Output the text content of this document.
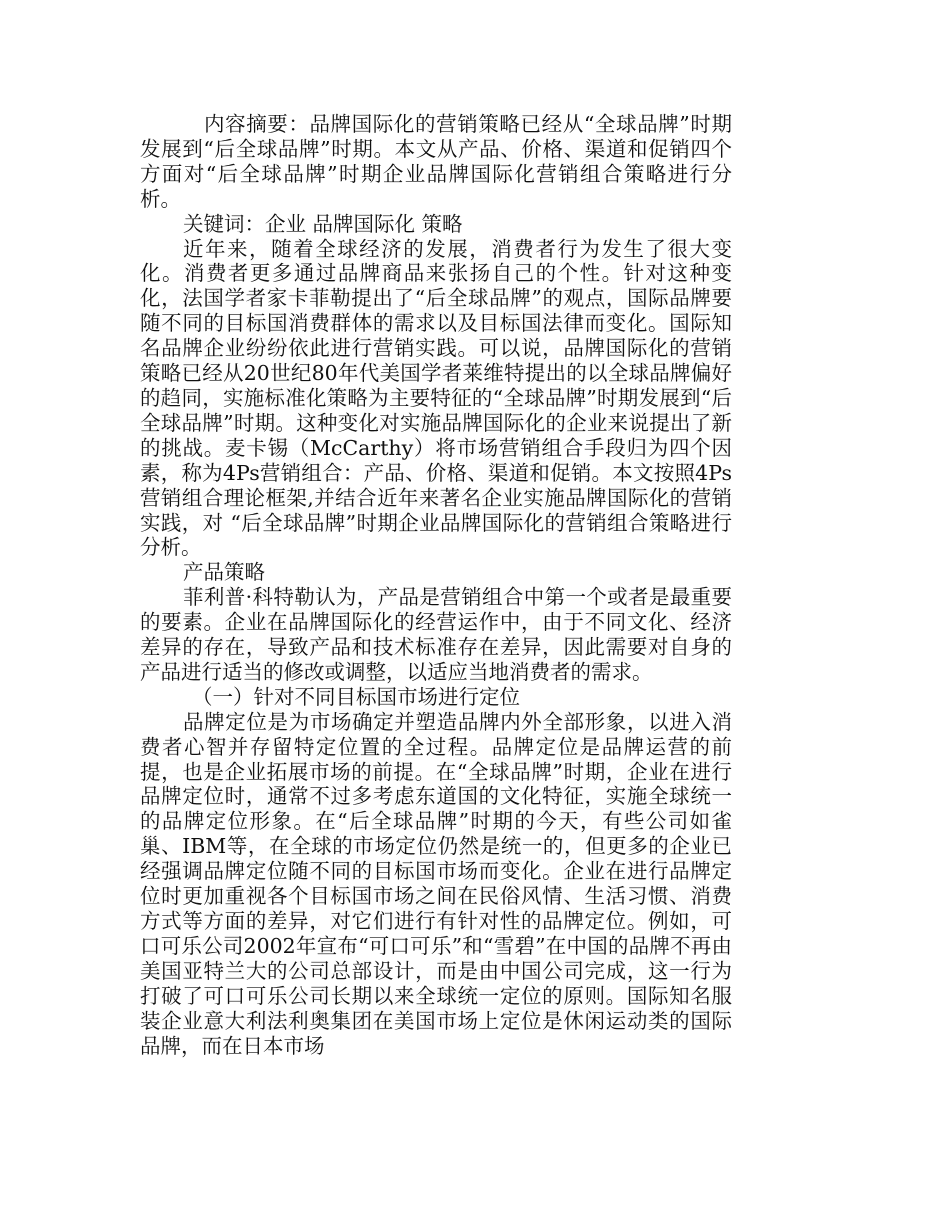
内容摘要：品牌国际化的营销策略已经从“全球品牌”时期发展到“后全球品牌”时期。本文从产品、价格、渠道和促销四个方面对“后全球品牌”时期企业品牌国际化营销组合策略进行分析。

关键词：企业 品牌国际化 策略

近年来，随着全球经济的发展，消费者行为发生了很大变化。消费者更多通过品牌商品来张扬自己的个性。针对这种变化，法国学者家卡菲勒提出了“后全球品牌”的观点，国际品牌要随不同的目标国消费群体的需求以及目标国法律而变化。国际知名品牌企业纷纷依此进行营销实践。可以说，品牌国际化的营销策略已经从20世纪80年代美国学者莱维特提出的以全球品牌偏好的趋同，实施标准化策略为主要特征的“全球品牌”时期发展到“后全球品牌”时期。这种变化对实施品牌国际化的企业来说提出了新的挑战。麦卡锡（McCarthy）将市场营销组合手段归为四个因素，称为4Ps营销组合：产品、价格、渠道和促销。本文按照4Ps营销组合理论框架,并结合近年来著名企业实施品牌国际化的营销实践，对 “后全球品牌”时期企业品牌国际化的营销组合策略进行分析。

产品策略

菲利普·科特勒认为，产品是营销组合中第一个或者是最重要的要素。企业在品牌国际化的经营运作中，由于不同文化、经济差异的存在，导致产品和技术标准存在差异，因此需要对自身的产品进行适当的修改或调整，以适应当地消费者的需求。

（一）针对不同目标国市场进行定位

品牌定位是为市场确定并塑造品牌内外全部形象，以进入消费者心智并存留特定位置的全过程。品牌定位是品牌运营的前提，也是企业拓展市场的前提。在“全球品牌”时期，企业在进行品牌定位时，通常不过多考虑东道国的文化特征，实施全球统一的品牌定位形象。在“后全球品牌”时期的今天，有些公司如雀巢、IBM等，在全球的市场定位仍然是统一的，但更多的企业已经强调品牌定位随不同的目标国市场而变化。企业在进行品牌定位时更加重视各个目标国市场之间在民俗风情、生活习惯、消费方式等方面的差异，对它们进行有针对性的品牌定位。例如，可口可乐公司2002年宣布“可口可乐”和“雪碧”在中国的品牌不再由美国亚特兰大的公司总部设计，而是由中国公司完成，这一行为打破了可口可乐公司长期以来全球统一定位的原则。国际知名服装企业意大利法利奥集团在美国市场上定位是休闲运动类的国际品牌，而在日本市场
